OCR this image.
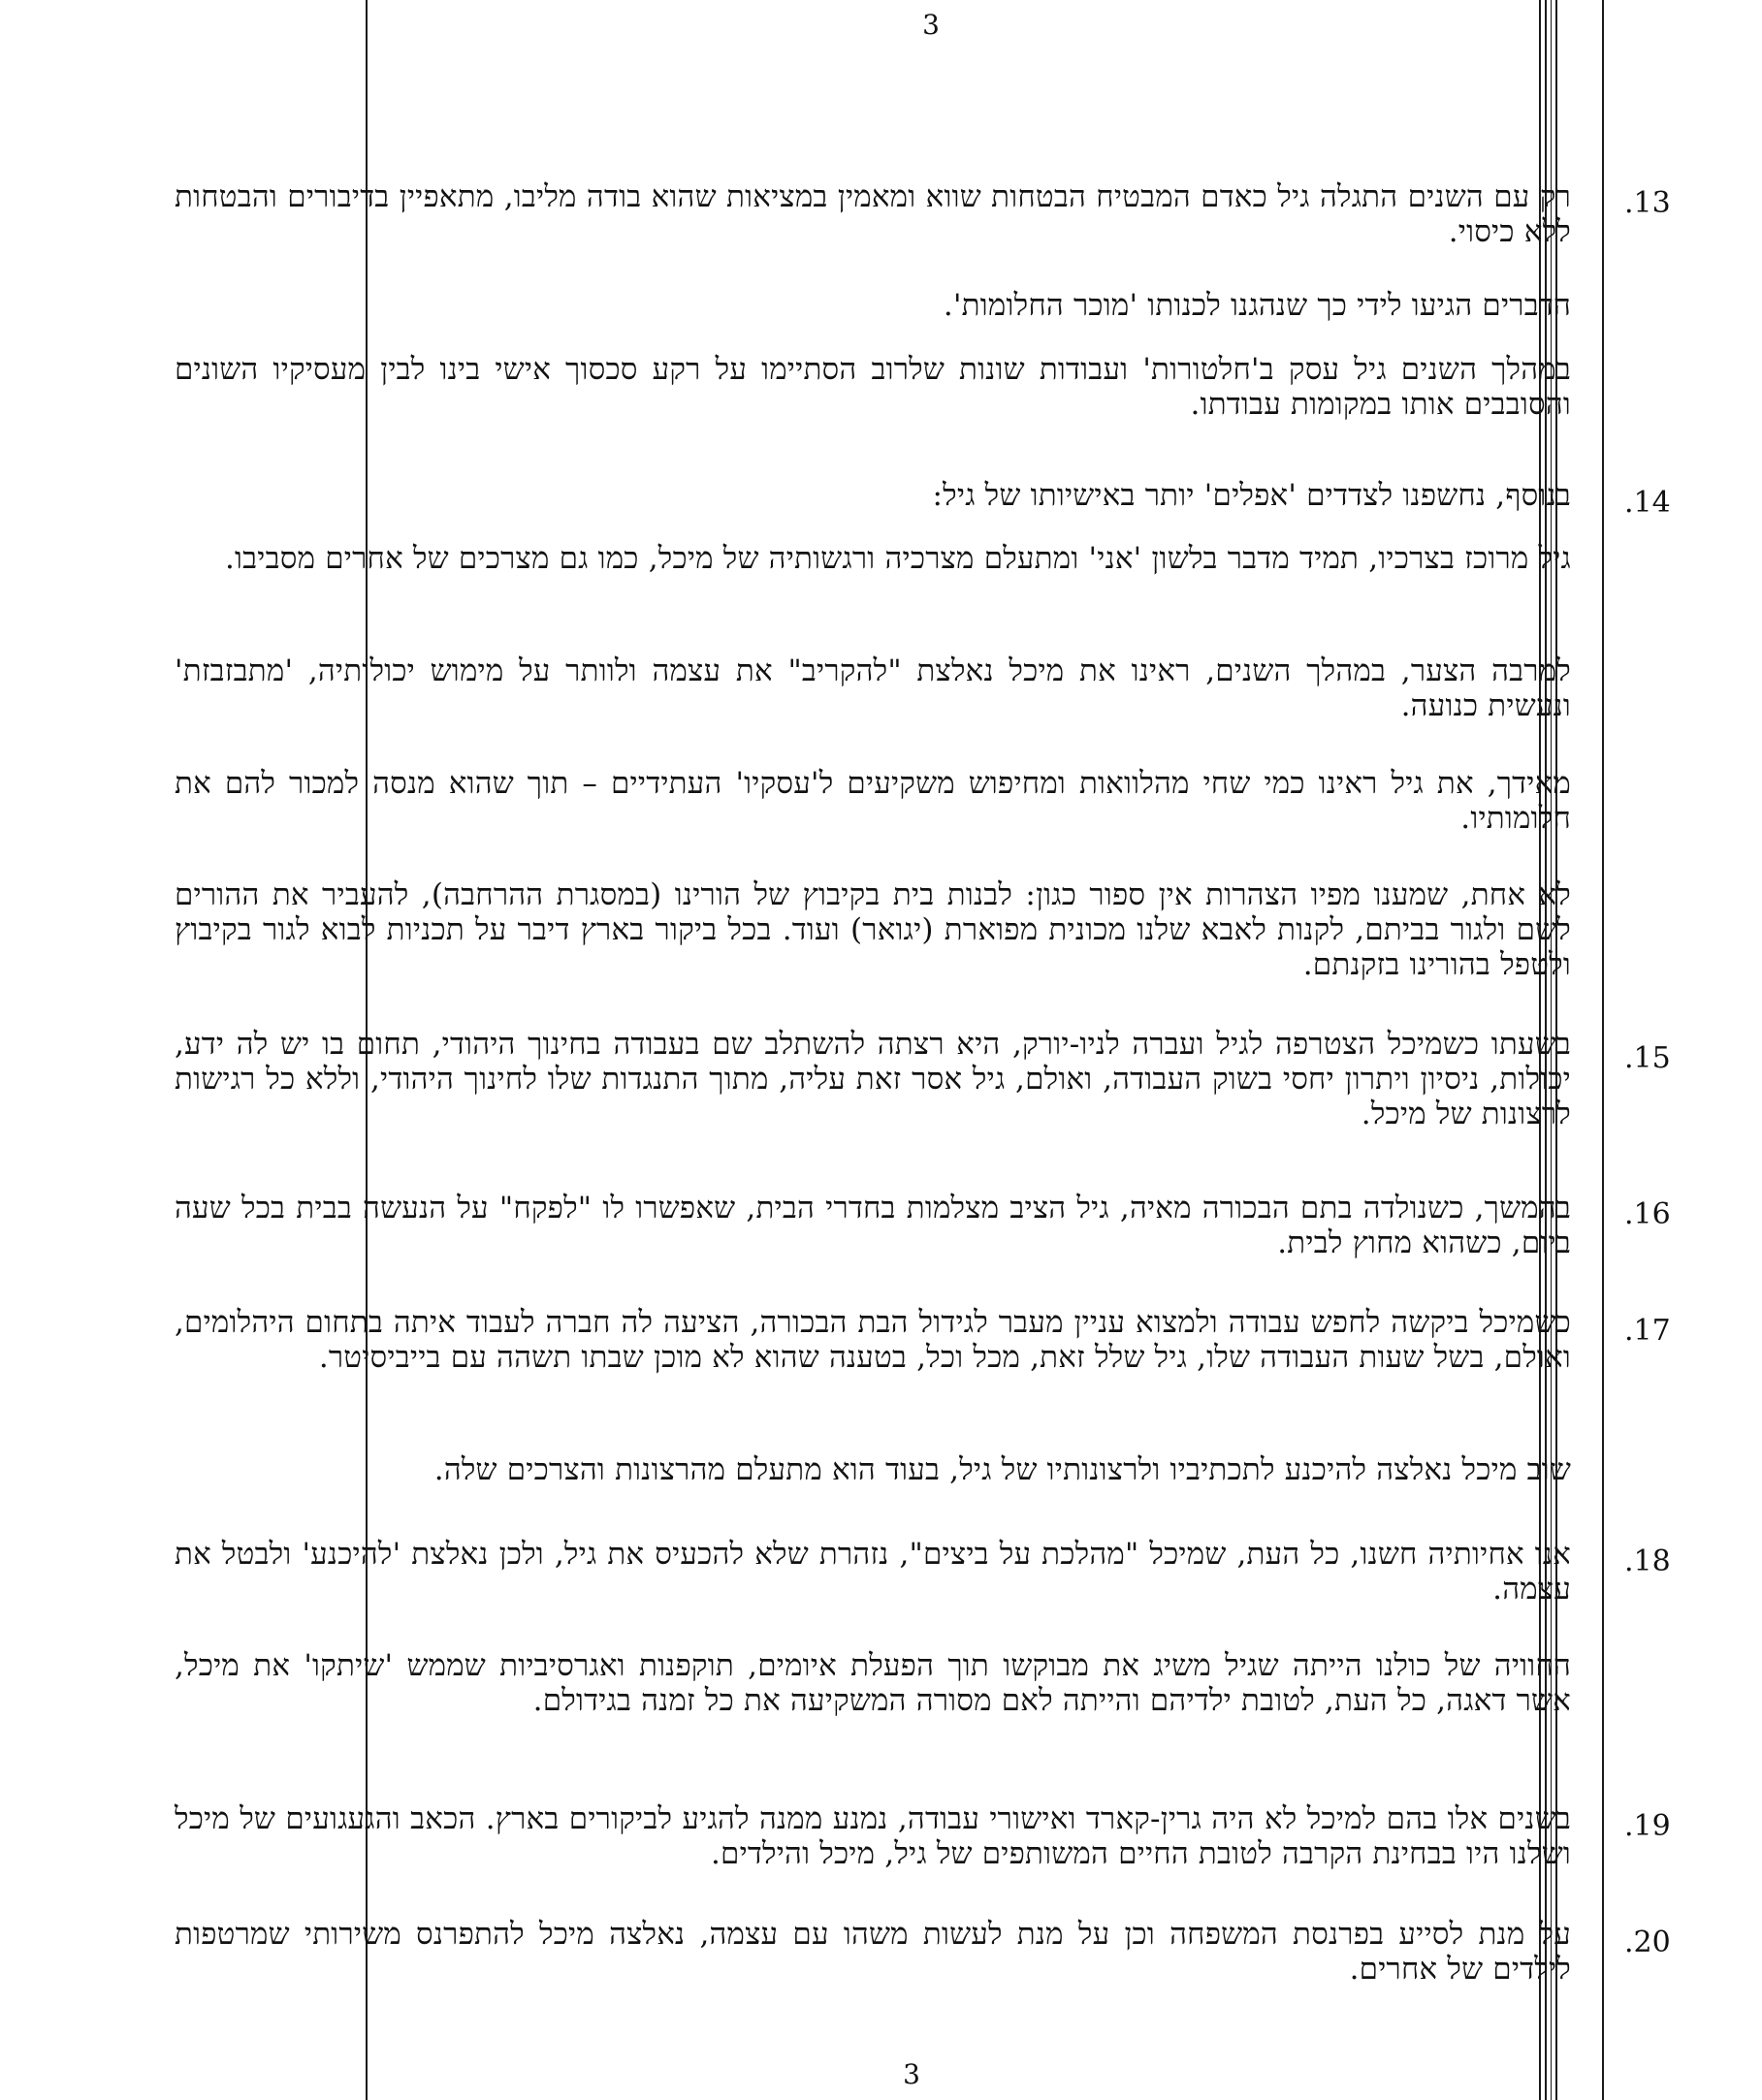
3
.13
רק עם השנים התגלה גיל כאדם המבטיח הבטחות שווא ומאמין במציאות שהוא בודה מליבו, מתאפיין בדיבורים והבטחות ללא כיסוי.
הדברים הגיעו לידי כך שנהגנו לכנותו 'מוכר החלומות'.
במהלך השנים גיל עסק ב'חלטורות' ועבודות שונות שלרוב הסתיימו על רקע סכסוך אישי בינו לבין מעסיקיו השונים והסובבים אותו במקומות עבודתו.
.14
בנוסף, נחשפנו לצדדים 'אפלים' יותר באישיותו של גיל:
גיל מרוכז בצרכיו, תמיד מדבר בלשון 'אני' ומתעלם מצרכיה ורגשותיה של מיכל, כמו גם מצרכים של אחרים מסביבו.
למרבה הצער, במהלך השנים, ראינו את מיכל נאלצת "להקריב" את עצמה ולוותר על מימוש יכולותיה, 'מתבזבזת' ונעשית כנועה.
מאידך, את גיל ראינו כמי שחי מהלוואות ומחיפוש משקיעים ל'עסקיו' העתידיים – תוך שהוא מנסה למכור להם את חלומותיו.
לא אחת, שמענו מפיו הצהרות אין ספור כגון: לבנות בית בקיבוץ של הורינו (במסגרת ההרחבה), להעביר את ההורים לשם ולגור בביתם, לקנות לאבא שלנו מכונית מפוארת (יגואר) ועוד. בכל ביקור בארץ דיבר על תכניות לבוא לגור בקיבוץ ולטפל בהורינו בזקנתם.
.15
בשעתו כשמיכל הצטרפה לגיל ועברה לניו-יורק, היא רצתה להשתלב שם בעבודה בחינוך היהודי, תחום בו יש לה ידע, יכולות, ניסיון ויתרון יחסי בשוק העבודה, ואולם, גיל אסר זאת עליה, מתוך התנגדות שלו לחינוך היהודי, וללא כל רגישות לרצונות של מיכל.
.16
בהמשך, כשנולדה בתם הבכורה מאיה, גיל הציב מצלמות בחדרי הבית, שאפשרו לו "לפקח" על הנעשה בבית בכל שעה ביום, כשהוא מחוץ לבית.
.17
כשמיכל ביקשה לחפש עבודה ולמצוא עניין מעבר לגידול הבת הבכורה, הציעה לה חברה לעבוד איתה בתחום היהלומים, ואולם, בשל שעות העבודה שלו, גיל שלל זאת, מכל וכל, בטענה שהוא לא מוכן שבתו תשהה עם בייביסיטר.
שוב מיכל נאלצה להיכנע לתכתיביו ולרצונותיו של גיל, בעוד הוא מתעלם מהרצונות והצרכים שלה.
.18
אנו אחיותיה חשנו, כל העת, שמיכל "מהלכת על ביצים", נזהרת שלא להכעיס את גיל, ולכן נאלצת 'להיכנע' ולבטל את עצמה.
החוויה של כולנו הייתה שגיל משיג את מבוקשו תוך הפעלת איומים, תוקפנות ואגרסיביות שממש 'שיתקו' את מיכל, אשר דאגה, כל העת, לטובת ילדיהם והייתה לאם מסורה המשקיעה את כל זמנה בגידולם.
.19
בשנים אלו בהם למיכל לא היה גרין-קארד ואישורי עבודה, נמנע ממנה להגיע לביקורים בארץ. הכאב והגעגועים של מיכל ושלנו היו בבחינת הקרבה לטובת החיים המשותפים של גיל, מיכל והילדים.
.20
על מנת לסייע בפרנסת המשפחה וכן על מנת לעשות משהו עם עצמה, נאלצה מיכל להתפרנס משירותי שמרטפות לילדים של אחרים.
3
